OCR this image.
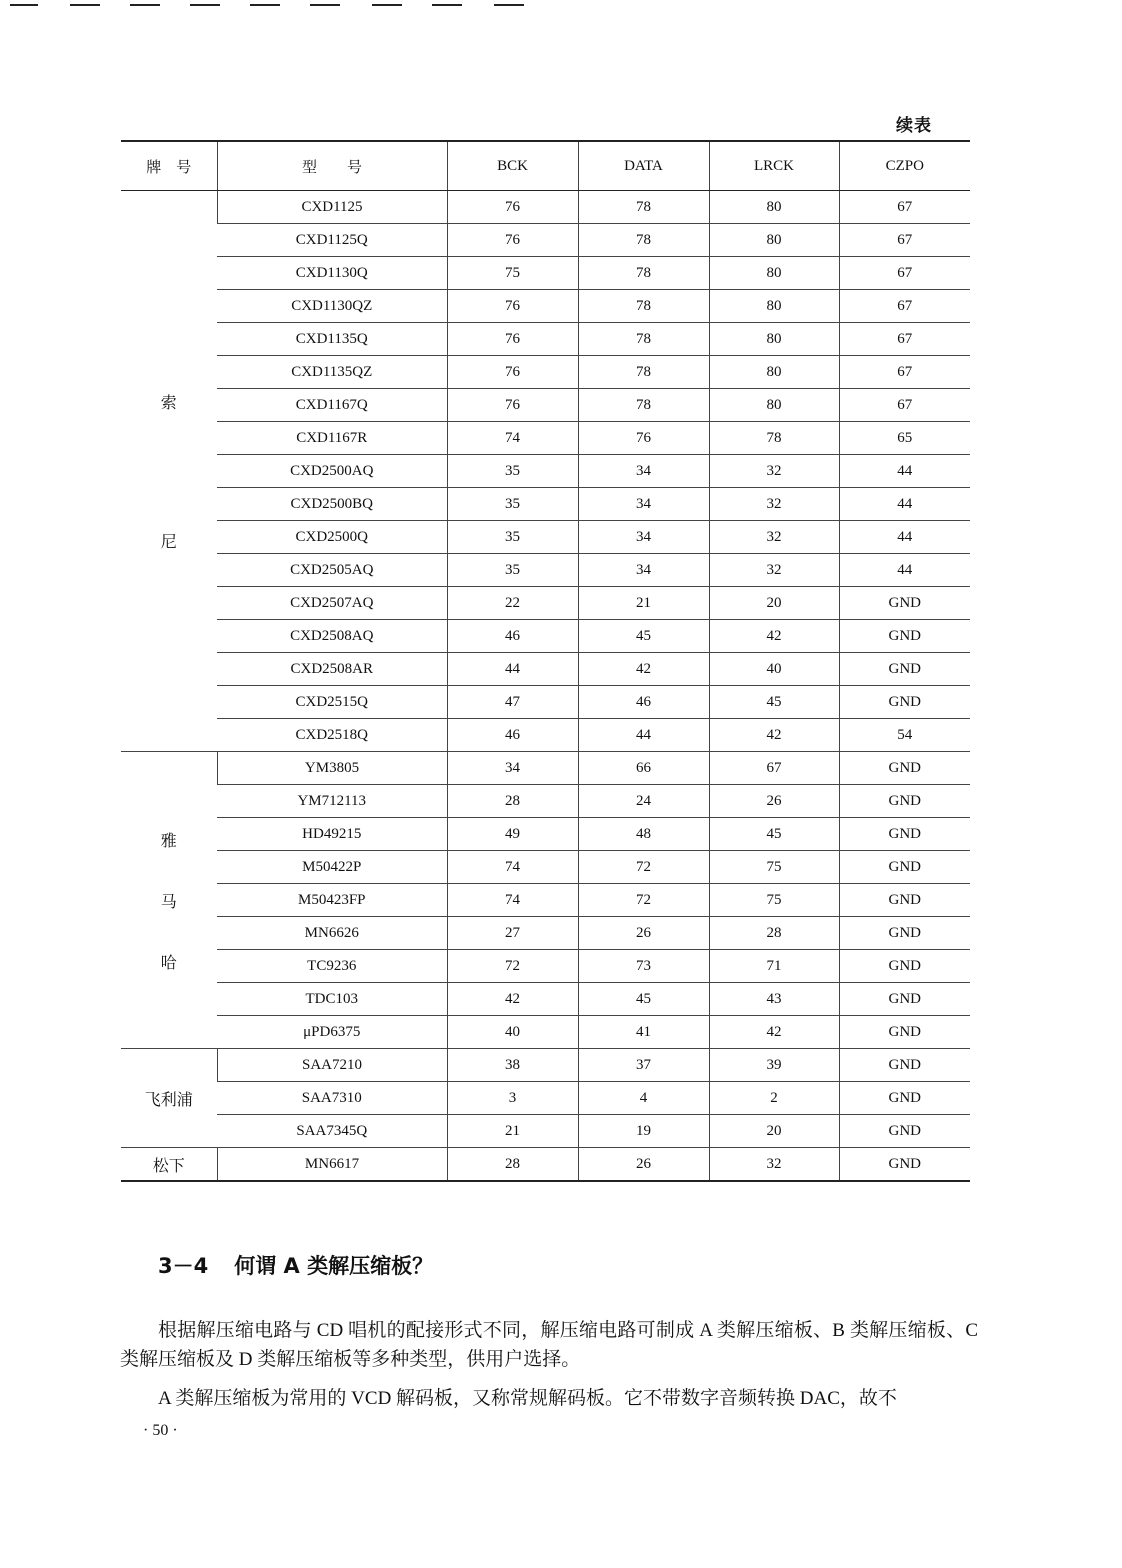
续表
牌　号	型　　号	BCK	DATA	LRCK	CZPO

索
尼	CXD1125	76	78	80	67
	CXD1125Q	76	78	80	67
	CXD1130Q	75	78	80	67
	CXD1130QZ	76	78	80	67
	CXD1135Q	76	78	80	67
	CXD1135QZ	76	78	80	67
	CXD1167Q	76	78	80	67
	CXD1167R	74	76	78	65
	CXD2500AQ	35	34	32	44
	CXD2500BQ	35	34	32	44
	CXD2500Q	35	34	32	44
	CXD2505AQ	35	34	32	44
	CXD2507AQ	22	21	20	GND
	CXD2508AQ	46	45	42	GND
	CXD2508AR	44	42	40	GND
	CXD2515Q	47	46	45	GND
	CXD2518Q	46	44	42	54

雅
马
哈	YM3805	34	66	67	GND
	YM712113	28	24	26	GND
	HD49215	49	48	45	GND
	M50422P	74	72	75	GND
	M50423FP	74	72	75	GND
	MN6626	27	26	28	GND
	TC9236	72	73	71	GND
	TDC103	42	45	43	GND
	μPD6375	40	41	42	GND

飞利浦	SAA7210	38	37	39	GND
	SAA7310	3	4	2	GND
	SAA7345Q	21	19	20	GND

松下	MN6617	28	26	32	GND
3－4 何谓 A 类解压缩板？

根据解压缩电路与 CD 唱机的配接形式不同，解压缩电路可制成 A 类解压缩板、B 类解压缩板、C 类解压缩板及 D 类解压缩板等多种类型，供用户选择。

A 类解压缩板为常用的 VCD 解码板，又称常规解码板。它不带数字音频转换 DAC，故不

· 50 ·
